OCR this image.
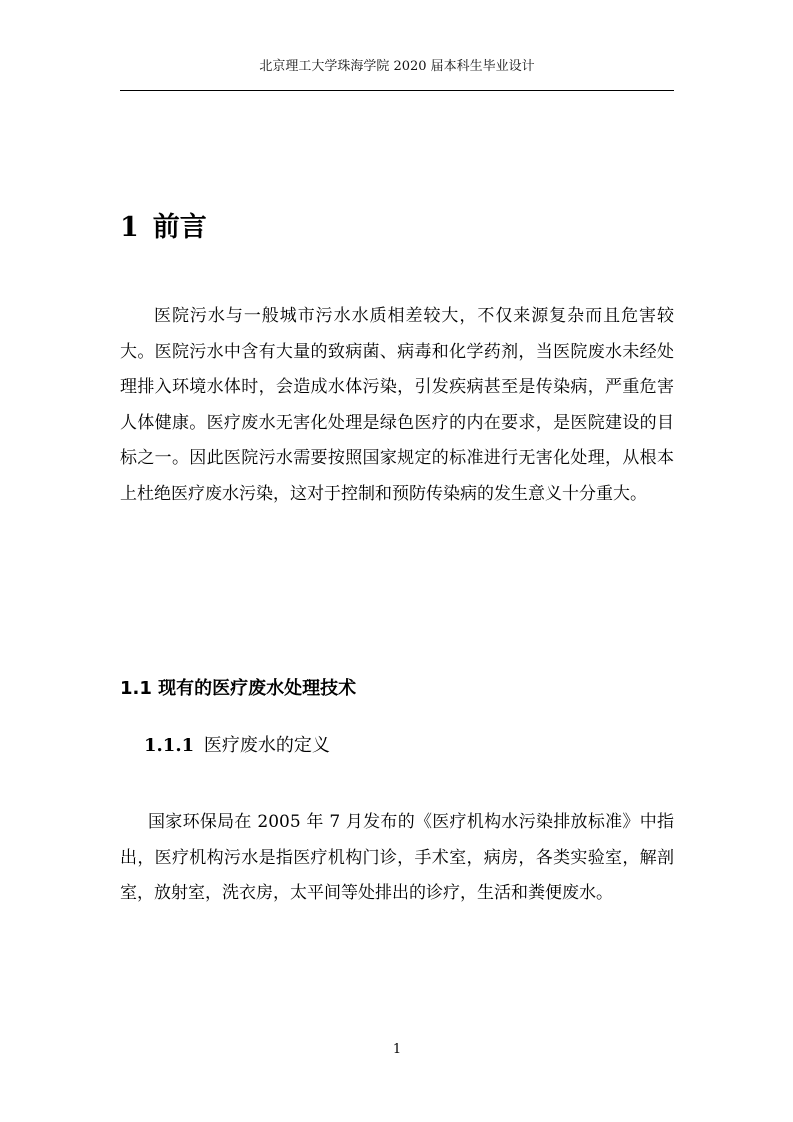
北京理工大学珠海学院 2020 届本科生毕业设计
1 前言

医院污水与一般城市污水水质相差较大，不仅来源复杂而且危害较大。医院污水中含有大量的致病菌、病毒和化学药剂，当医院废水未经处理排入环境水体时，会造成水体污染，引发疾病甚至是传染病，严重危害人体健康。医疗废水无害化处理是绿色医疗的内在要求，是医院建设的目标之一。因此医院污水需要按照国家规定的标准进行无害化处理，从根本上杜绝医疗废水污染，这对于控制和预防传染病的发生意义十分重大。

1.1 现有的医疗废水处理技术
1.1.1 医疗废水的定义

国家环保局在 2005 年 7 月发布的《医疗机构水污染排放标准》中指出，医疗机构污水是指医疗机构门诊，手术室，病房，各类实验室，解剖室，放射室，洗衣房，太平间等处排出的诊疗，生活和粪便废水。

1
